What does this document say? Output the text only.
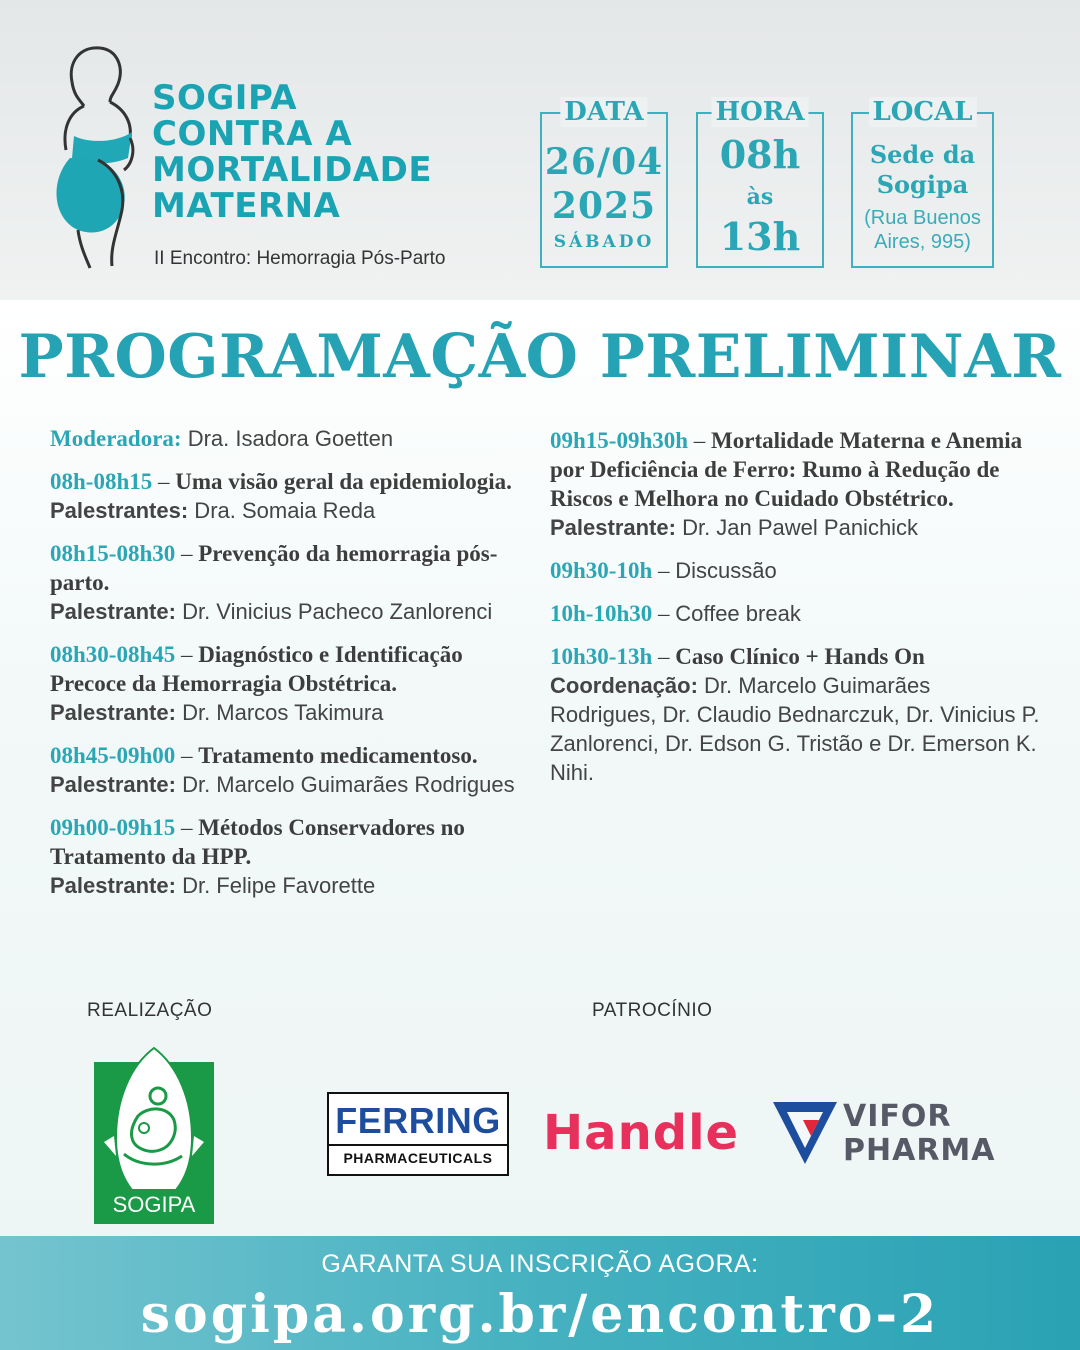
SOGIPA
CONTRA A
MORTALIDADE
MATERNA
II Encontro: Hemorragia Pós-Parto
DATA
26/04
2025
SÁBADO
HORA
08h
às
13h
LOCAL
Sede da
Sogipa
(Rua Buenos
Aires, 995)
PROGRAMAÇÃO PRELIMINAR
Moderadora: Dra. Isadora Goetten
08h-08h15 – Uma visão geral da epidemiologia.
Palestrantes: Dra. Somaia Reda
08h15-08h30 – Prevenção da hemorragia pós-parto.
Palestrante: Dr. Vinicius Pacheco Zanlorenci
08h30-08h45 – Diagnóstico e Identificação Precoce da Hemorragia Obstétrica.
Palestrante: Dr. Marcos Takimura
08h45-09h00 – Tratamento medicamentoso.
Palestrante: Dr. Marcelo Guimarães Rodrigues
09h00-09h15 – Métodos Conservadores no Tratamento da HPP.
Palestrante: Dr. Felipe Favorette
09h15-09h30h – Mortalidade Materna e Anemia por Deficiência de Ferro: Rumo à Redução de Riscos e Melhora no Cuidado Obstétrico.
Palestrante: Dr. Jan Pawel Panichick
09h30-10h – Discussão
10h-10h30 – Coffee break
10h30-13h – Caso Clínico + Hands On
Coordenação: Dr. Marcelo Guimarães Rodrigues, Dr. Claudio Bednarczuk, Dr. Vinicius P. Zanlorenci, Dr. Edson G. Tristão e Dr. Emerson K. Nihi.
REALIZAÇÃO	PATROCÍNIO
SOGIPA
FERRING
PHARMACEUTICALS	Handle	VIFOR
PHARMA
GARANTA SUA INSCRIÇÃO AGORA:
sogipa.org.br/encontro-2
